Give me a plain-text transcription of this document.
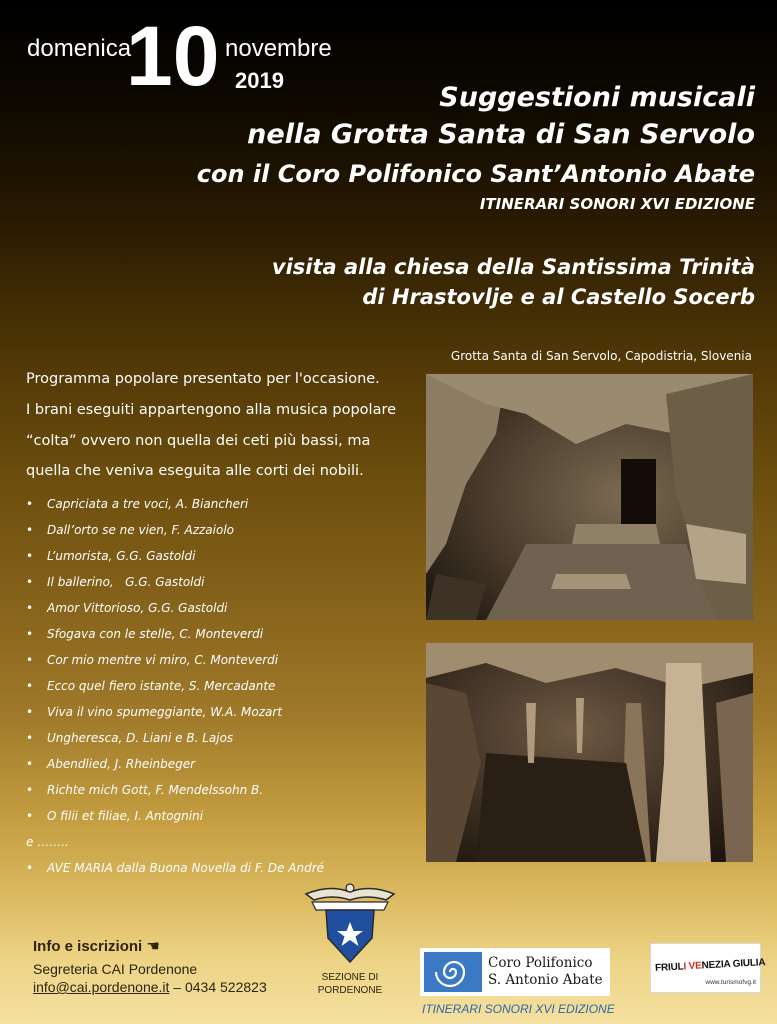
domenica
10 novembre
2019
Suggestioni musicali
nella Grotta Santa di San Servolo
con il Coro Polifonico Sant’Antonio Abate
ITINERARI SONORI XVI EDIZIONE
visita alla chiesa della Santissima Trinità
di Hrastovlje e al Castello Socerb
Grotta Santa di San Servolo, Capodistria, Slovenia
Programma popolare presentato per l'occasione.
I brani eseguiti appartengono alla musica popolare
“colta” ovvero non quella dei ceti più bassi, ma
quella che veniva eseguita alle corti dei nobili.
• Capriciata a tre voci, A. Biancheri
• Dall’orto se ne vien, F. Azzaiolo
• L’umorista, G.G. Gastoldi
• Il ballerino,   G.G. Gastoldi
• Amor Vittorioso, G.G. Gastoldi
• Sfogava con le stelle, C. Monteverdi
• Cor mio mentre vi miro, C. Monteverdi
• Ecco quel fiero istante, S. Mercadante
• Viva il vino spumeggiante, W.A. Mozart
• Ungheresca, D. Liani e B. Lajos
• Abendlied, J. Rheinbeger
• Richte mich Gott, F. Mendelssohn B.
• O filii et filiae, I. Antognini
e ……..
• AVE MARIA dalla Buona Novella di F. De André
Info e iscrizioni ☚
Segreteria CAI Pordenone
info@cai.pordenone.it – 0434 522823
SEZIONE DI
PORDENONE
Coro Polifonico
S. Antonio Abate
ITINERARI SONORI XVI EDIZIONE
FRIULI VENEZIA GIULIA
www.turismofvg.it
